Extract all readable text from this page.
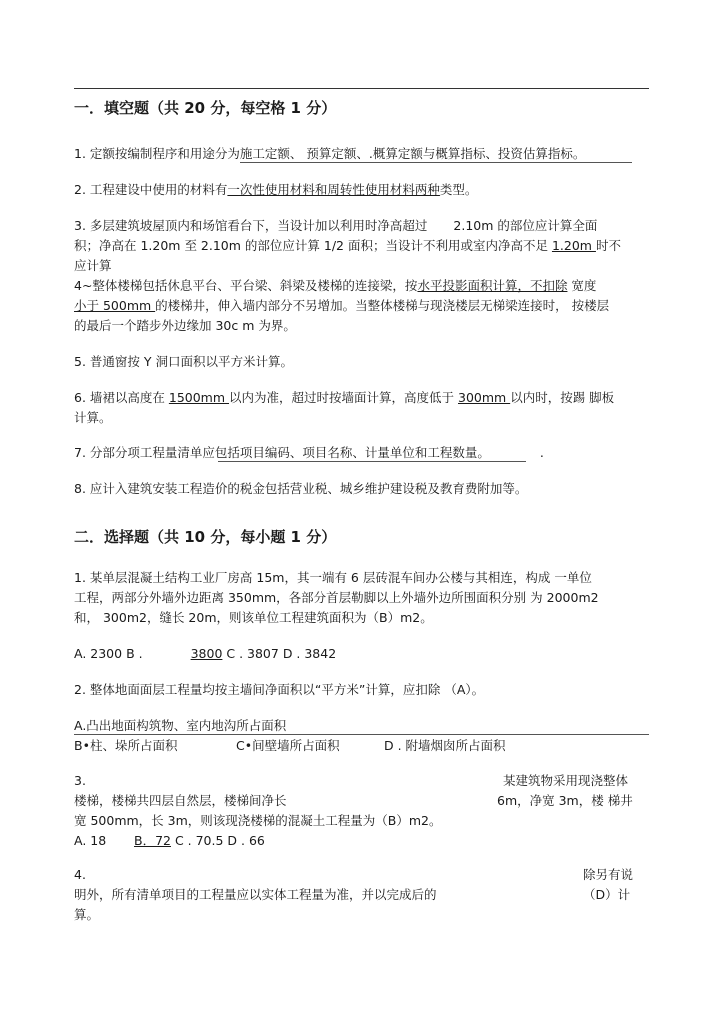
一．填空题（共 20 分，每空格 1 分）
1. 定额按编制程序和用途分为施工定额、 预算定额、.概算定额与概算指标、投资估算指标。
2. 工程建设中使用的材料有一次性使用材料和周转性使用材料两种类型。
3. 多层建筑坡屋顶内和场馆看台下，当设计加以利用时净高超过 2.10m 的部位应计算全面
积；净高在 1.20m 至 2.10m 的部位应计算 1/2 面积；当设计不利用或室内净高不足 1.20m 时不
应计算
4~整体楼梯包括休息平台、平台梁、斜梁及楼梯的连接梁，按水平投影面积计算，不扣除 宽度
小于 500mm 的楼梯井，伸入墙内部分不另增加。当整体楼梯与现浇楼层无梯梁连接时， 按楼层
的最后一个踏步外边缘加 30c m 为界。
5. 普通窗按 Y 洞口面积以平方米计算。
6. 墙裙以高度在 1500mm 以内为准，超过时按墙面计算，高度低于 300mm 以内时，按踢 脚板
计算。
7. 分部分项工程量清单应包括项目编码、项目名称、计量单位和工程数量。	.
8. 应计入建筑安装工程造价的税金包括营业税、城乡维护建设税及教育费附加等。
二．选择题（共 10 分，每小题 1 分）
1. 某单层混凝土结构工业厂房高 15m，其一端有 6 层砖混车间办公楼与其相连，构成 一单位
工程，两部分外墙外边距离 350mm，各部分首层勒脚以上外墙外边所围面积分别 为 2000m2
和， 300m2，缝长 20m，则该单位工程建筑面积为（B）m2。
A. 2300 B .	3800 C . 3807 D . 3842
2. 整体地面面层工程量均按主墙间净面积以“平方米”计算，应扣除 （A）。
A.凸出地面构筑物、室内地沟所占面积
B•柱、垛所占面积	C•间壁墙所占面积	D . 附墙烟囱所占面积
3.	某建筑物采用现浇整体
楼梯，楼梯共四层自然层，楼梯间净长	6m，净宽 3m，楼 梯井
宽 500mm，长 3m，则该现浇楼梯的混凝土工程量为（B）m2。
A. 18 B．72 C . 70.5 D . 66
4.	除另有说
明外，所有清单项目的工程量应以实体工程量为准，并以完成后的	（D）计
算。
